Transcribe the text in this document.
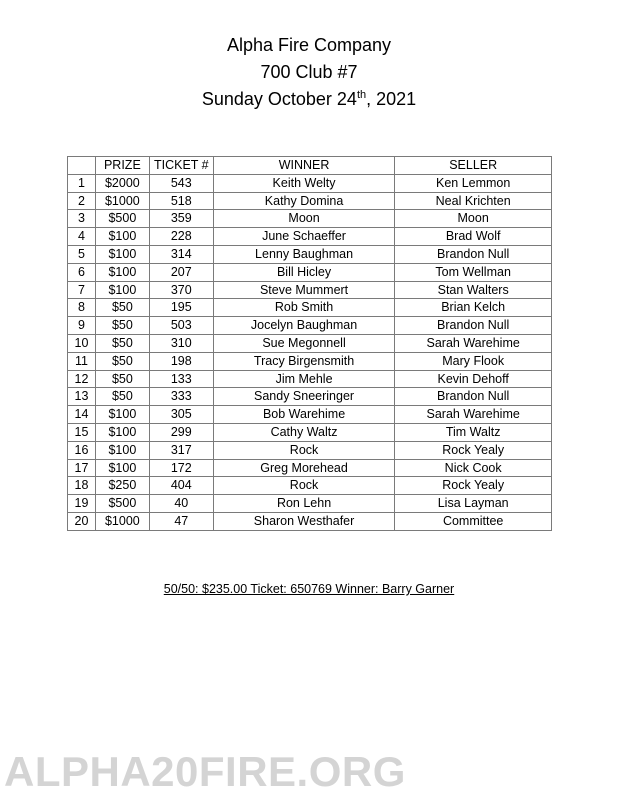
Alpha Fire Company
700 Club #7
Sunday October 24th, 2021
	PRIZE	TICKET #	WINNER	SELLER
1	$2000	543	Keith Welty	Ken Lemmon
2	$1000	518	Kathy Domina	Neal Krichten
3	$500	359	Moon	Moon
4	$100	228	June Schaeffer	Brad Wolf
5	$100	314	Lenny Baughman	Brandon Null
6	$100	207	Bill Hicley	Tom Wellman
7	$100	370	Steve Mummert	Stan Walters
8	$50	195	Rob Smith	Brian Kelch
9	$50	503	Jocelyn Baughman	Brandon Null
10	$50	310	Sue Megonnell	Sarah Warehime
11	$50	198	Tracy Birgensmith	Mary Flook
12	$50	133	Jim Mehle	Kevin Dehoff
13	$50	333	Sandy Sneeringer	Brandon Null
14	$100	305	Bob Warehime	Sarah Warehime
15	$100	299	Cathy Waltz	Tim Waltz
16	$100	317	Rock	Rock Yealy
17	$100	172	Greg Morehead	Nick Cook
18	$250	404	Rock	Rock Yealy
19	$500	40	Ron Lehn	Lisa Layman
20	$1000	47	Sharon Westhafer	Committee
50/50: $235.00 Ticket: 650769 Winner: Barry Garner
ALPHA20FIRE.ORG
